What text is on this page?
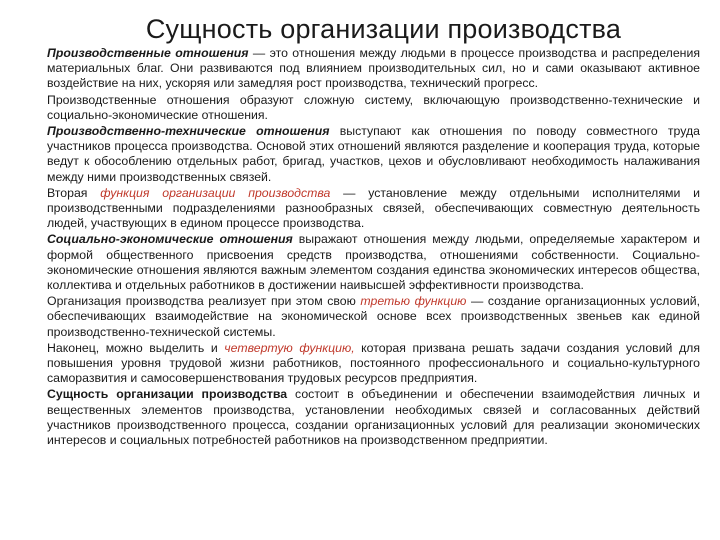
Сущность организации производства

Производственные отношения — это отношения между людьми в процессе производства и распределения материальных благ. Они развиваются под влиянием производительных сил, но и сами оказывают активное воздействие на них, ускоряя или замедляя рост производства, технический прогресс.

Производственные отношения образуют сложную систему, включающую производственно-технические и социально-экономические отношения.

Производственно-технические отношения выступают как отношения по поводу совместного труда участников процесса производства. Основой этих отношений являются разделение и кооперация труда, которые ведут к обособлению отдельных работ, бригад, участков, цехов и обусловливают необходимость налаживания между ними производственных связей.

Вторая функция организации производства — установление между отдельными исполнителями и производственными подразделениями разнообразных связей, обеспечивающих совместную деятельность людей, участвующих в едином процессе производства.

Социально-экономические отношения выражают отношения между людьми, определяемые характером и формой общественного присвоения средств производства, отношениями собственности. Социально-экономические отношения являются важным элементом создания единства экономических интересов общества, коллектива и отдельных работников в достижении наивысшей эффективности производства.

Организация производства реализует при этом свою третью функцию — создание организационных условий, обеспечивающих взаимодействие на экономической основе всех производственных звеньев как единой производственно-технической системы.

Наконец, можно выделить и четвертую функцию, которая призвана решать задачи создания условий для повышения уровня трудовой жизни работников, постоянного профессионального и социально-культурного саморазвития и самосовершенствования трудовых ресурсов предприятия.

Сущность организации производства состоит в объединении и обеспечении взаимодействия личных и вещественных элементов производства, установлении необходимых связей и согласованных действий участников производственного процесса, создании организационных условий для реализации экономических интересов и социальных потребностей работников на производственном предприятии.
